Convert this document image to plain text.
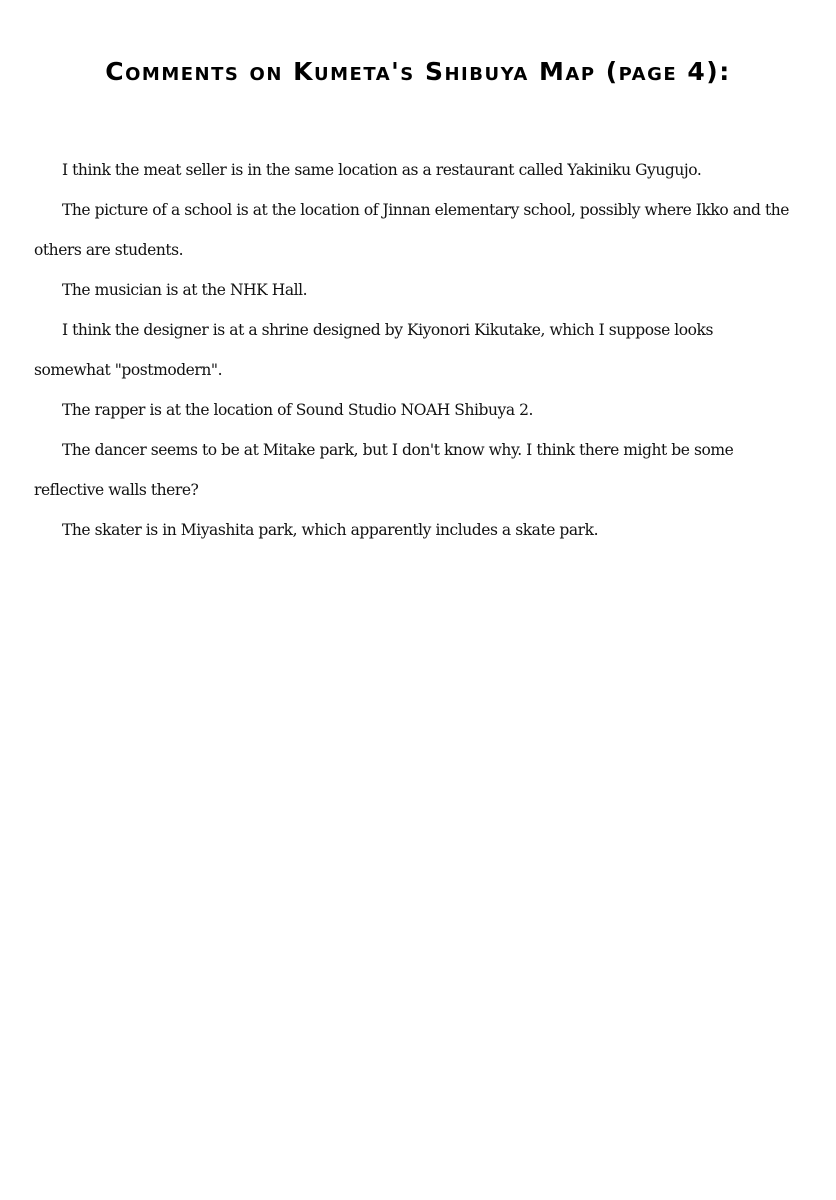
Comments on Kumeta's Shibuya Map (page 4):

I think the meat seller is in the same location as a restaurant called Yakiniku Gyugujo.

The picture of a school is at the location of Jinnan elementary school, possibly where Ikko and the others are students.

The musician is at the NHK Hall.

I think the designer is at a shrine designed by Kiyonori Kikutake, which I suppose looks somewhat "postmodern".

The rapper is at the location of Sound Studio NOAH Shibuya 2.

The dancer seems to be at Mitake park, but I don't know why. I think there might be some reflective walls there?

The skater is in Miyashita park, which apparently includes a skate park.
